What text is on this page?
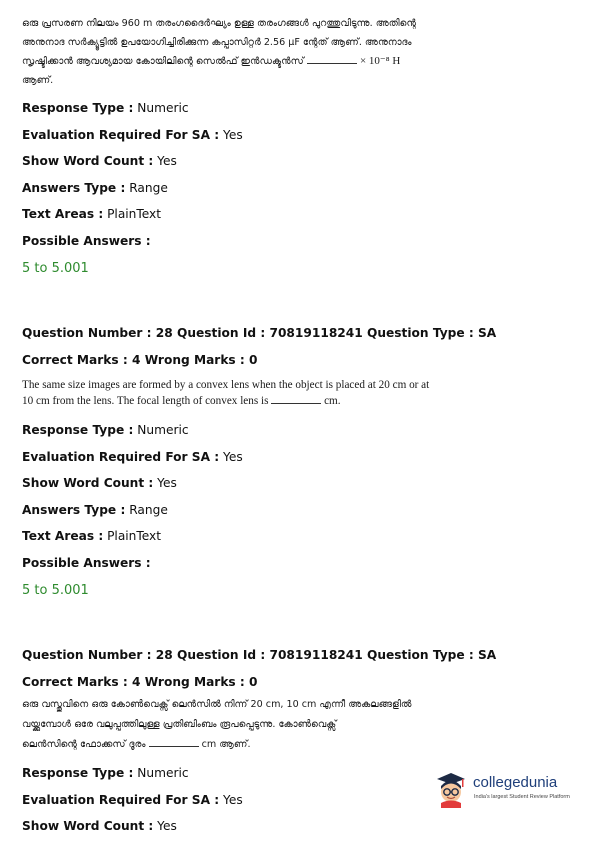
ഒരു പ്രസരണ നിലയം 960 m തരംഗദൈർഘ്യം ഉള്ള തരംഗങ്ങൾ പുറത്തുവിടുന്നു. അതിന്റെ
അനുനാദ സർക്യൂട്ടിൽ ഉപയോഗിച്ചിരിക്കുന്ന കപ്പാസിറ്റർ 2.56 μF ന്റേത് ആണ്. അനുനാദം
സൃഷ്ടിക്കാൻ ആവശ്യമായ കോയിലിന്റെ സെൽഫ് ഇൻഡക്ടൻസ്	× 10⁻⁸ H
ആണ്.
Response Type : Numeric
Evaluation Required For SA : Yes
Show Word Count : Yes
Answers Type : Range
Text Areas : PlainText
Possible Answers :
5 to 5.001
Question Number : 28 Question Id : 70819118241 Question Type : SA
Correct Marks : 4 Wrong Marks : 0
The same size images are formed by a convex lens when the object is placed at 20 cm or at
10 cm from the lens. The focal length of convex lens is	cm.
Response Type : Numeric
Evaluation Required For SA : Yes
Show Word Count : Yes
Answers Type : Range
Text Areas : PlainText
Possible Answers :
5 to 5.001
Question Number : 28 Question Id : 70819118241 Question Type : SA
Correct Marks : 4 Wrong Marks : 0
ഒരു വസ്തുവിനെ ഒരു കോൺവെക്സ് ലെൻസിൽ നിന്ന് 20 cm, 10 cm എന്നീ അകലങ്ങളിൽ
വയ്ക്കുമ്പോൾ ഒരേ വലുപ്പത്തിലുള്ള പ്രതിബിംബം രൂപപ്പെടുന്നു. കോൺവെക്സ്
ലെൻസിന്റെ ഫോക്കസ് ദൂരം	cm ആണ്.
Response Type : Numeric
Evaluation Required For SA : Yes
Show Word Count : Yes
collegedunia
India's largest Student Review Platform
